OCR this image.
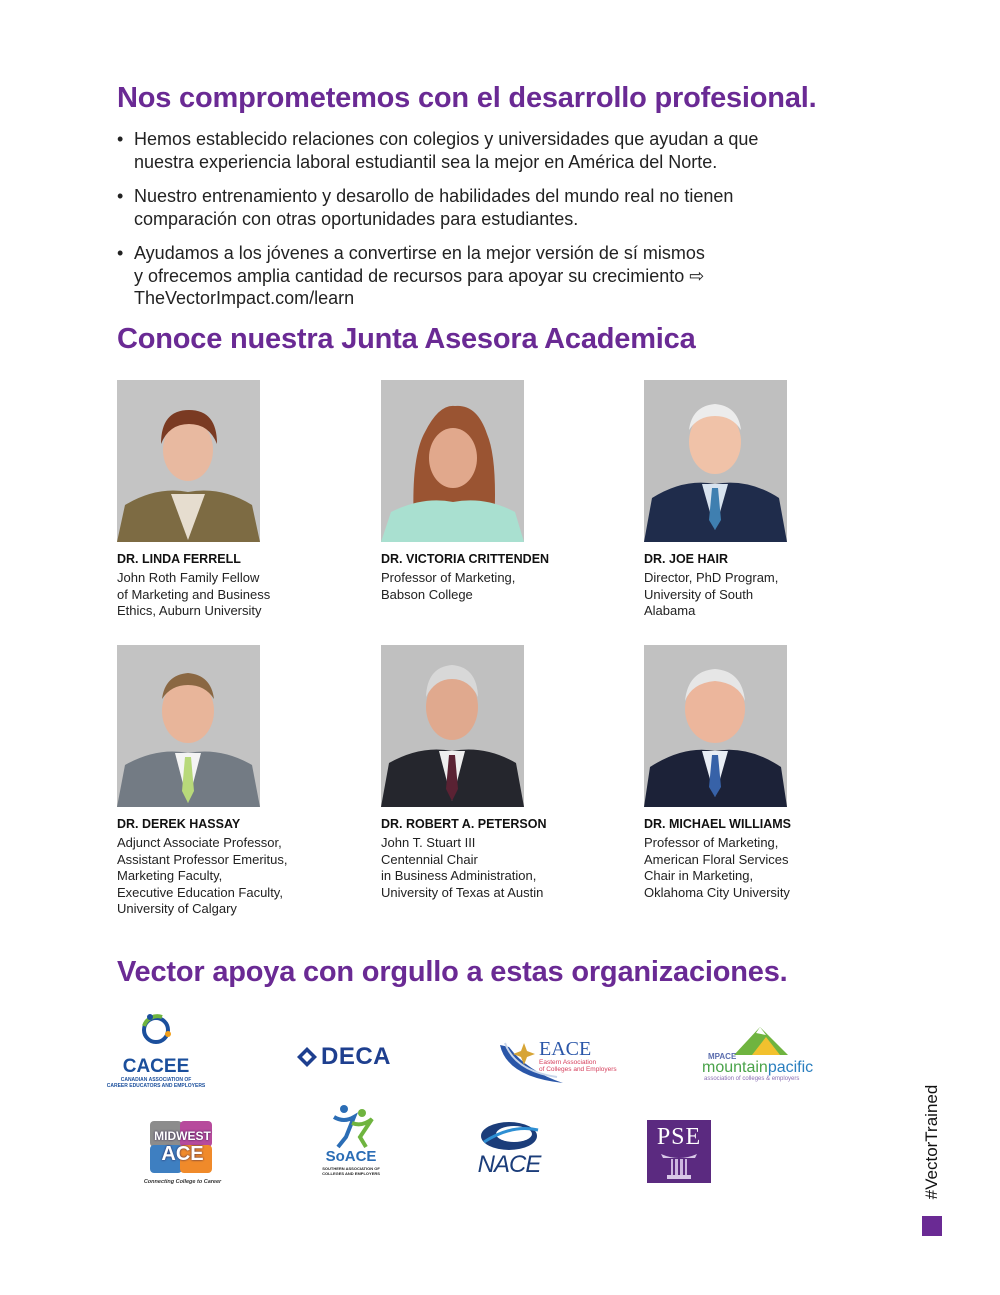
Nos comprometemos con el desarrollo profesional.
• Hemos establecido relaciones con colegios y universidades que ayudan a que
nuestra experiencia laboral estudiantil sea la mejor en América del Norte.
• Nuestro entrenamiento y desarollo de habilidades del mundo real no tienen
comparación con otras oportunidades para estudiantes.
• Ayudamos a los jóvenes a convertirse en la mejor versión de sí mismos
y ofrecemos amplia cantidad de recursos para apoyar su crecimiento ⇨
TheVectorImpact.com/learn
Conoce nuestra Junta Asesora Academica
DR. LINDA FERRELL
John Roth Family Fellow
of Marketing and Business
Ethics, Auburn University
DR. VICTORIA CRITTENDEN
Professor of Marketing,
Babson College
DR. JOE HAIR
Director, PhD Program,
University of South
Alabama
DR. DEREK HASSAY
Adjunct Associate Professor,
Assistant Professor Emeritus,
Marketing Faculty,
Executive Education Faculty,
University of Calgary
DR. ROBERT A. PETERSON
John T. Stuart III
Centennial Chair
in Business Administration,
University of Texas at Austin
DR. MICHAEL WILLIAMS
Professor of Marketing,
American Floral Services
Chair in Marketing,
Oklahoma City University
Vector apoya con orgullo a estas organizaciones.
CACEE
CANADIAN ASSOCIATION OF
CAREER EDUCATORS AND EMPLOYERS
DECA	EACE
Eastern Association
of Colleges and Employers
MPACE
mountainpacific
association of colleges & employers
MIDWEST
ACE
Connecting College to Career
SoACE
SOUTHERN ASSOCIATION OF
COLLEGES AND EMPLOYERS	NACE
PSE	#VectorTrained
